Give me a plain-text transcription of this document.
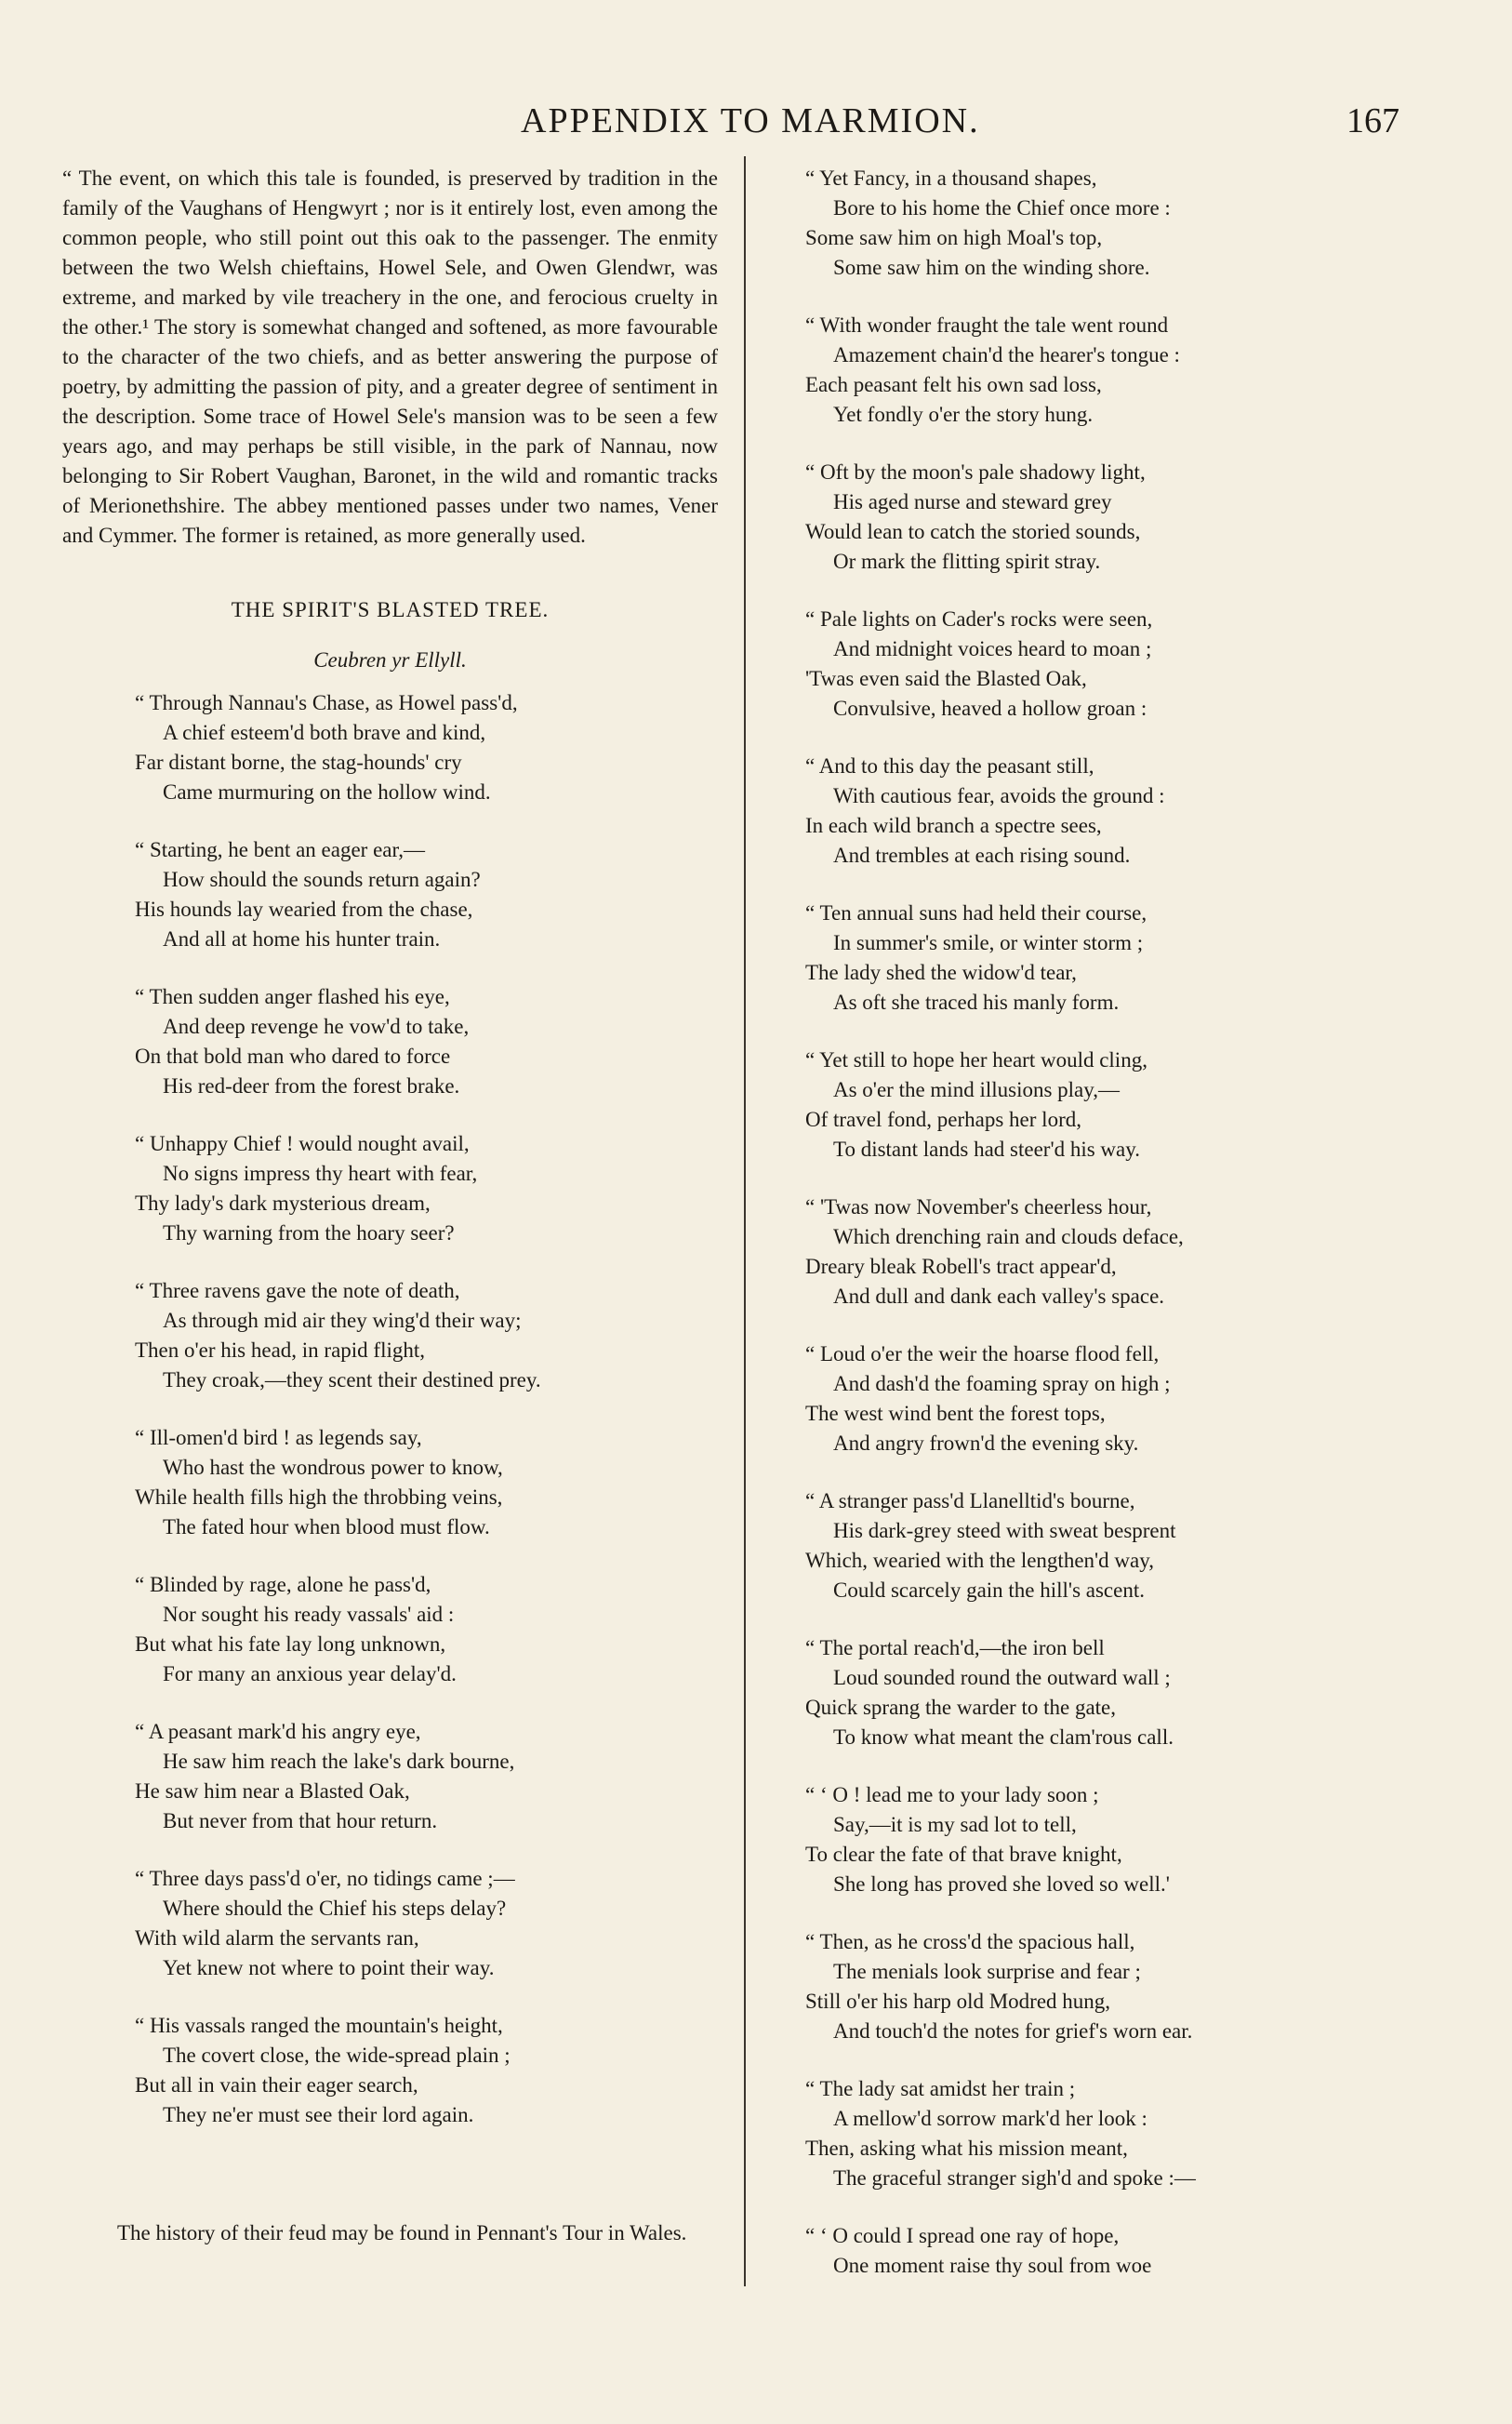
APPENDIX TO MARMION.	167

“ The event, on which this tale is founded, is preserved by tradition in the family of the Vaughans of Hengwyrt ; nor is it entirely lost, even among the common people, who still point out this oak to the passenger. The enmity between the two Welsh chieftains, Howel Sele, and Owen Glendwr, was extreme, and marked by vile treachery in the one, and ferocious cruelty in the other.¹ The story is somewhat changed and softened, as more favourable to the character of the two chiefs, and as better answering the purpose of poetry, by admitting the passion of pity, and a greater degree of sentiment in the description. Some trace of Howel Sele's mansion was to be seen a few years ago, and may perhaps be still visible, in the park of Nannau, now belonging to Sir Robert Vaughan, Baronet, in the wild and romantic tracks of Merionethshire. The abbey mentioned passes under two names, Vener and Cymmer. The former is retained, as more generally used.

THE SPIRIT'S BLASTED TREE.
Ceubren yr Ellyll.
“ Through Nannau's Chase, as Howel pass'd,
A chief esteem'd both brave and kind,
Far distant borne, the stag-hounds' cry
Came murmuring on the hollow wind.
“ Starting, he bent an eager ear,—
How should the sounds return again?
His hounds lay wearied from the chase,
And all at home his hunter train.
“ Then sudden anger flashed his eye,
And deep revenge he vow'd to take,
On that bold man who dared to force
His red-deer from the forest brake.
“ Unhappy Chief ! would nought avail,
No signs impress thy heart with fear,
Thy lady's dark mysterious dream,
Thy warning from the hoary seer?
“ Three ravens gave the note of death,
As through mid air they wing'd their way;
Then o'er his head, in rapid flight,
They croak,—they scent their destined prey.
“ Ill-omen'd bird ! as legends say,
Who hast the wondrous power to know,
While health fills high the throbbing veins,
The fated hour when blood must flow.
“ Blinded by rage, alone he pass'd,
Nor sought his ready vassals' aid :
But what his fate lay long unknown,
For many an anxious year delay'd.
“ A peasant mark'd his angry eye,
He saw him reach the lake's dark bourne,
He saw him near a Blasted Oak,
But never from that hour return.
“ Three days pass'd o'er, no tidings came ;—
Where should the Chief his steps delay?
With wild alarm the servants ran,
Yet knew not where to point their way.
“ His vassals ranged the mountain's height,
The covert close, the wide-spread plain ;
But all in vain their eager search,
They ne'er must see their lord again.
“ Yet Fancy, in a thousand shapes,
Bore to his home the Chief once more :
Some saw him on high Moal's top,
Some saw him on the winding shore.
“ With wonder fraught the tale went round
Amazement chain'd the hearer's tongue :
Each peasant felt his own sad loss,
Yet fondly o'er the story hung.
“ Oft by the moon's pale shadowy light,
His aged nurse and steward grey
Would lean to catch the storied sounds,
Or mark the flitting spirit stray.
“ Pale lights on Cader's rocks were seen,
And midnight voices heard to moan ;
'Twas even said the Blasted Oak,
Convulsive, heaved a hollow groan :
“ And to this day the peasant still,
With cautious fear, avoids the ground :
In each wild branch a spectre sees,
And trembles at each rising sound.
“ Ten annual suns had held their course,
In summer's smile, or winter storm ;
The lady shed the widow'd tear,
As oft she traced his manly form.
“ Yet still to hope her heart would cling,
As o'er the mind illusions play,—
Of travel fond, perhaps her lord,
To distant lands had steer'd his way.
“ 'Twas now November's cheerless hour,
Which drenching rain and clouds deface,
Dreary bleak Robell's tract appear'd,
And dull and dank each valley's space.
“ Loud o'er the weir the hoarse flood fell,
And dash'd the foaming spray on high ;
The west wind bent the forest tops,
And angry frown'd the evening sky.
“ A stranger pass'd Llanelltid's bourne,
His dark-grey steed with sweat besprent
Which, wearied with the lengthen'd way,
Could scarcely gain the hill's ascent.
“ The portal reach'd,—the iron bell
Loud sounded round the outward wall ;
Quick sprang the warder to the gate,
To know what meant the clam'rous call.
“ ‘ O ! lead me to your lady soon ;
Say,—it is my sad lot to tell,
To clear the fate of that brave knight,
She long has proved she loved so well.'
“ Then, as he cross'd the spacious hall,
The menials look surprise and fear ;
Still o'er his harp old Modred hung,
And touch'd the notes for grief's worn ear.
“ The lady sat amidst her train ;
A mellow'd sorrow mark'd her look :
Then, asking what his mission meant,
The graceful stranger sigh'd and spoke :—
“ ‘ O could I spread one ray of hope,
One moment raise thy soul from woe
The history of their feud may be found in Pennant's Tour in Wales.
